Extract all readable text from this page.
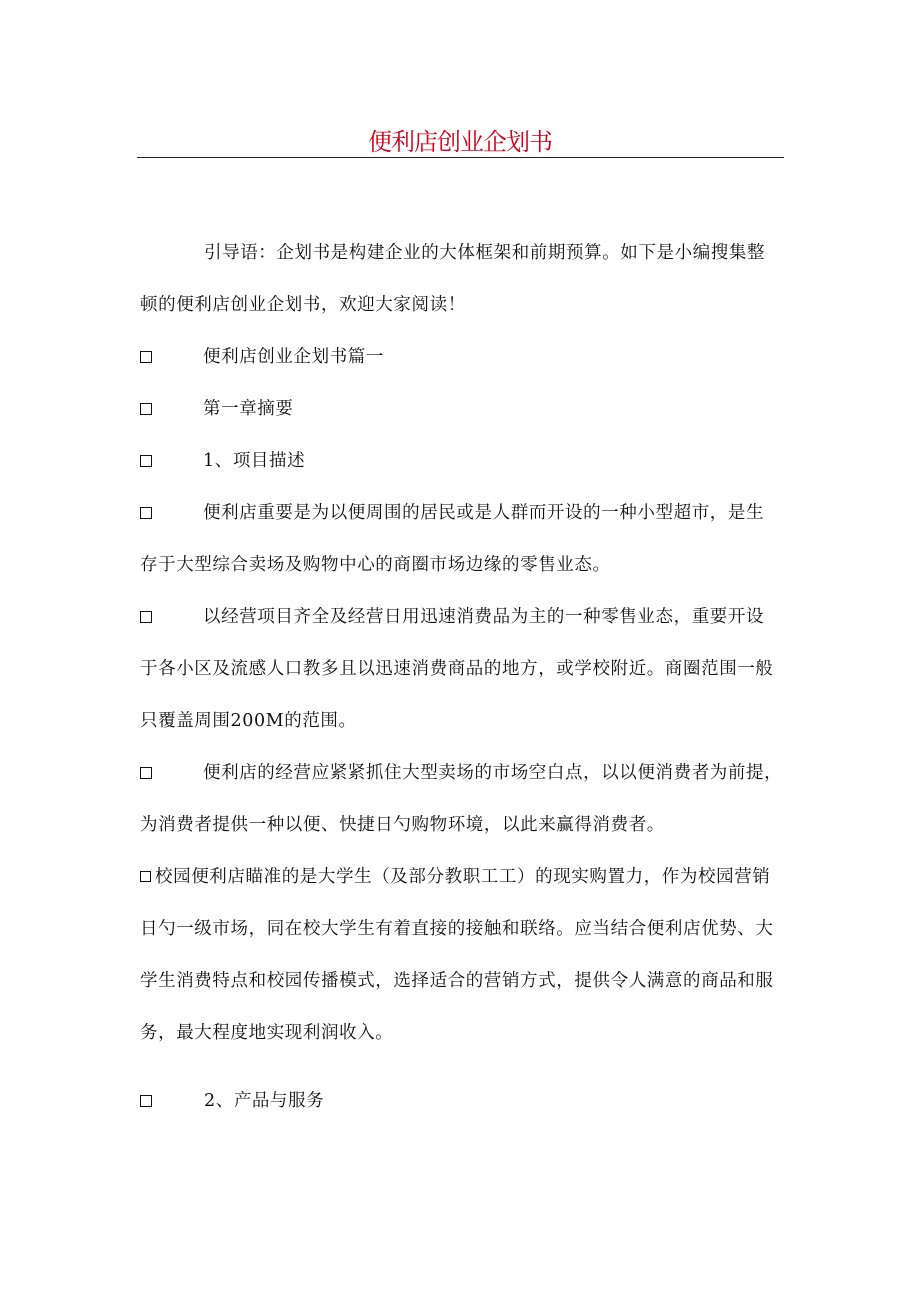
便利店创业企划书
引导语：企划书是构建企业的大体框架和前期预算。如下是小编搜集整
顿的便利店创业企划书，欢迎大家阅读！
便利店创业企划书篇一
第一章摘要
1、项目描述
便利店重要是为以便周围的居民或是人群而开设的一种小型超市，是生
存于大型综合卖场及购物中心的商圈市场边缘的零售业态。
以经营项目齐全及经营日用迅速消费品为主的一种零售业态，重要开设
于各小区及流感人口教多且以迅速消费商品的地方，或学校附近。商圈范围一般
只覆盖周围200M的范围。
便利店的经营应紧紧抓住大型卖场的市场空白点，以以便消费者为前提，
为消费者提供一种以便、快捷日勺购物环境，以此来赢得消费者。
校园便利店瞄准的是大学生（及部分教职工工）的现实购置力，作为校园营销
日勺一级市场，同在校大学生有着直接的接触和联络。应当结合便利店优势、大
学生消费特点和校园传播模式，选择适合的营销方式，提供令人满意的商品和服
务，最大程度地实现利润收入。
2、产品与服务
